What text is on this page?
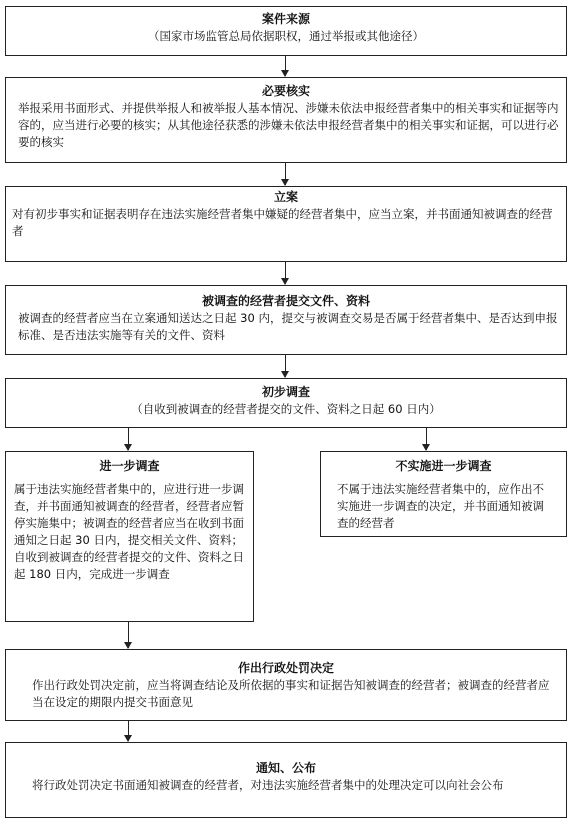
案件来源
（国家市场监管总局依据职权，通过举报或其他途径）
必要核实
举报采用书面形式、并提供举报人和被举报人基本情况、涉嫌未依法申报经营者集中的相关事实和证据等内容的，应当进行必要的核实；从其他途径获悉的涉嫌未依法申报经营者集中的相关事实和证据，可以进行必要的核实
立案
对有初步事实和证据表明存在违法实施经营者集中嫌疑的经营者集中，应当立案，并书面通知被调查的经营者
被调查的经营者提交文件、资料
被调查的经营者应当在立案通知送达之日起 30 内，提交与被调查交易是否属于经营者集中、是否达到申报标准、是否违法实施等有关的文件、资料
初步调查
（自收到被调查的经营者提交的文件、资料之日起 60 日内）
进一步调查
属于违法实施经营者集中的，应进行进一步调查，并书面通知被调查的经营者，经营者应暂停实施集中；被调查的经营者应当在收到书面通知之日起 30 日内，提交相关文件、资料；自收到被调查的经营者提交的文件、资料之日起 180 日内，完成进一步调查
不实施进一步调查
不属于违法实施经营者集中的，应作出不实施进一步调查的决定，并书面通知被调查的经营者
作出行政处罚决定
作出行政处罚决定前，应当将调查结论及所依据的事实和证据告知被调查的经营者；被调查的经营者应当在设定的期限内提交书面意见
通知、公布
将行政处罚决定书面通知被调查的经营者，对违法实施经营者集中的处理决定可以向社会公布
